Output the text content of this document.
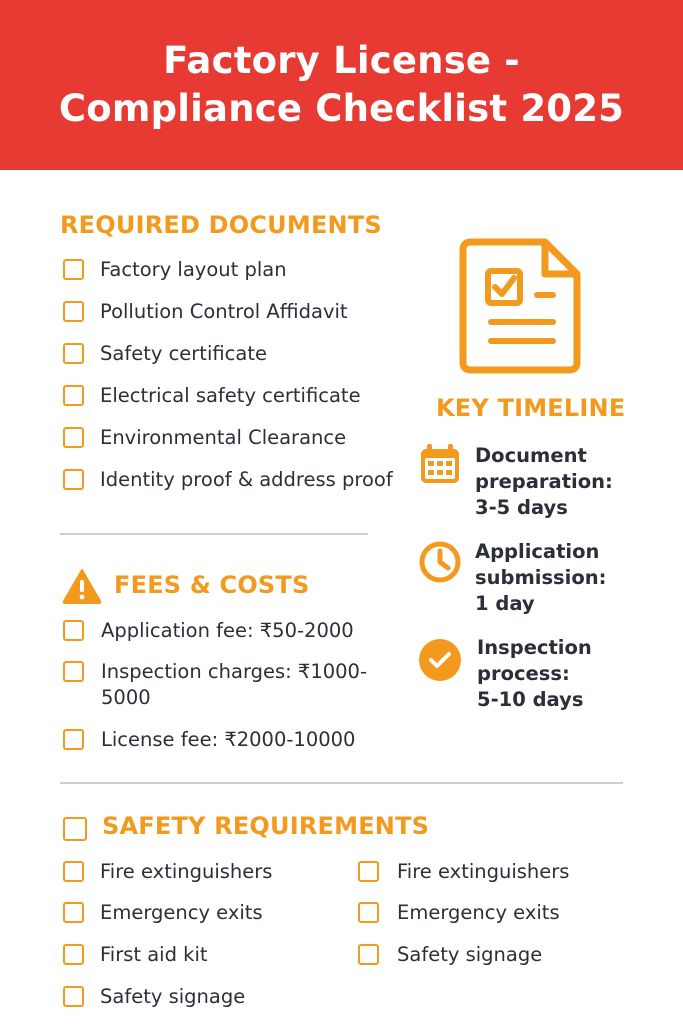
Factory License -
Compliance Checklist 2025
REQUIRED DOCUMENTS
Factory layout plan
Pollution Control Affidavit
Safety certificate
Electrical safety certificate
Environmental Clearance
Identity proof & address proof
KEY TIMELINE
Document
preparation:
3-5 days
Application
submission:
1 day
Inspection
process:
5-10 days
FEES & COSTS
Application fee: ₹50-2000
Inspection charges: ₹1000-
5000
License fee: ₹2000-10000
SAFETY REQUIREMENTS
Fire extinguishers
Emergency exits
First aid kit
Safety signage
Fire extinguishers
Emergency exits
Safety signage
